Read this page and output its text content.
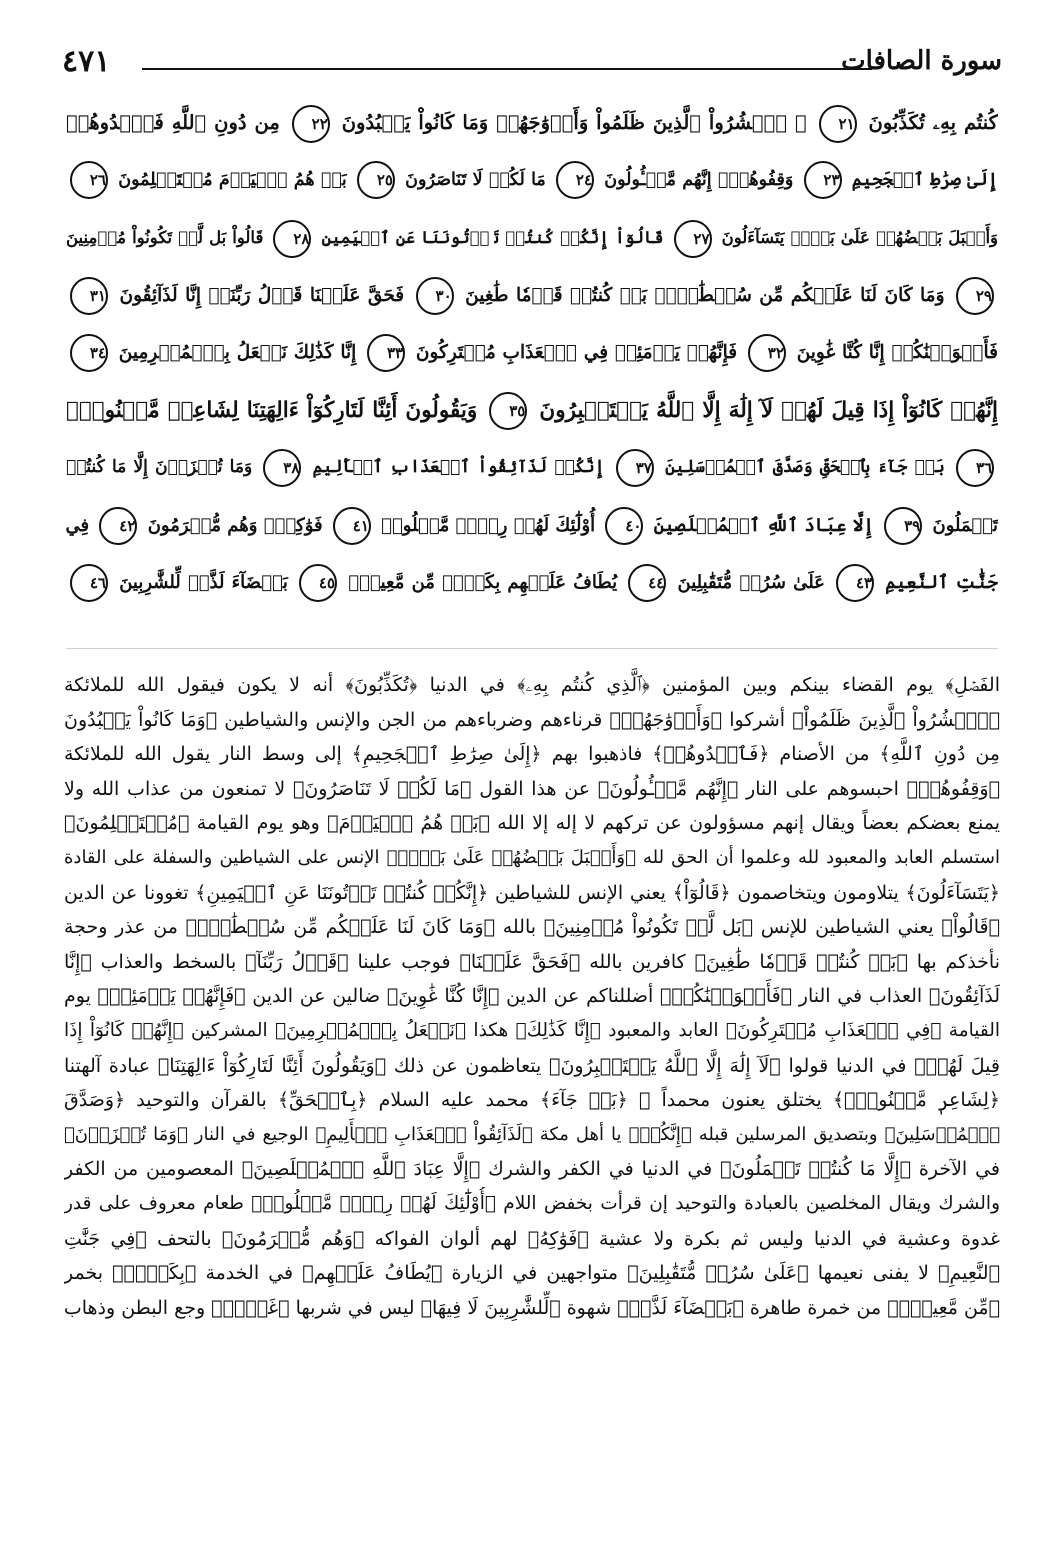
٤٧١	سورة الصافات
كُنتُم بِهِۦ تُكَذِّبُونَ ٢١ ۞ ٱحۡشُرُواْ ٱلَّذِينَ ظَلَمُواْ وَأَزۡوَٰجَهُمۡ وَمَا كَانُواْ يَعۡبُدُونَ ٢٢ مِن دُونِ ٱللَّهِ فَٱهۡدُوهُمۡ
إِلَىٰ صِرَٰطِ ٱلۡجَحِيمِ ٢٣ وَقِفُوهُمۡۖ إِنَّهُم مَّسۡـُٔولُونَ ٢٤ مَا لَكُمۡ لَا تَنَاصَرُونَ ٢٥ بَلۡ هُمُ ٱلۡيَوۡمَ مُسۡتَسۡلِمُونَ ٢٦
وَأَقۡبَلَ بَعۡضُهُمۡ عَلَىٰ بَعۡضٖ يَتَسَآءَلُونَ ٢٧ قَالُوٓاْ إِنَّكُمۡ كُنتُمۡ تَأۡتُونَنَا عَنِ ٱلۡيَمِينِ ٢٨ قَالُواْ بَل لَّمۡ تَكُونُواْ مُؤۡمِنِينَ
٢٩ وَمَا كَانَ لَنَا عَلَيۡكُم مِّن سُلۡطَٰنِۭۖ بَلۡ كُنتُمۡ قَوۡمٗا طَٰغِينَ ٣٠ فَحَقَّ عَلَيۡنَا قَوۡلُ رَبِّنَآۖ إِنَّا لَذَآئِقُونَ ٣١
فَأَغۡوَيۡنَٰكُمۡ إِنَّا كُنَّا غَٰوِينَ ٣٢ فَإِنَّهُمۡ يَوۡمَئِذٖ فِي ٱلۡعَذَابِ مُشۡتَرِكُونَ ٣٣ إِنَّا كَذَٰلِكَ نَفۡعَلُ بِٱلۡمُجۡرِمِينَ ٣٤
إِنَّهُمۡ كَانُوٓاْ إِذَا قِيلَ لَهُمۡ لَآ إِلَٰهَ إِلَّا ٱللَّهُ يَسۡتَكۡبِرُونَ ٣٥ وَيَقُولُونَ أَئِنَّا لَتَارِكُوٓاْ ءَالِهَتِنَا لِشَاعِرٖ مَّجۡنُونِۭ
٣٦ بَلۡ جَآءَ بِٱلۡحَقِّ وَصَدَّقَ ٱلۡمُرۡسَلِينَ ٣٧ إِنَّكُمۡ لَذَآئِقُواْ ٱلۡعَذَابِ ٱلۡأَلِيمِ ٣٨ وَمَا تُجۡزَوۡنَ إِلَّا مَا كُنتُمۡ
تَعۡمَلُونَ ٣٩ إِلَّا عِبَادَ ٱللَّهِ ٱلۡمُخۡلَصِينَ ٤٠ أُوْلَٰٓئِكَ لَهُمۡ رِزۡقٞ مَّعۡلُومٞ ٤١ فَوَٰكِهُۖ وَهُم مُّكۡرَمُونَ ٤٢ فِي
جَنَّٰتِ ٱلنَّعِيمِ ٤٣ عَلَىٰ سُرُرٖ مُّتَقَٰبِلِينَ ٤٤ يُطَافُ عَلَيۡهِم بِكَأۡسٖ مِّن مَّعِينِۭ ٤٥ بَيۡضَآءَ لَذَّةٖ لِّلشَّٰرِبِينَ ٤٦
الفَصۡلِ﴾ يوم القضاء بينكم وبين المؤمنين ﴿ٱلَّذِي كُنتُم بِهِۦ﴾ في الدنيا ﴿تُكَذِّبُونَ﴾ أنه لا يكون فيقول الله للملائكة
﴿ٱحۡشُرُواْ ٱلَّذِينَ ظَلَمُواْ﴾ أشركوا ﴿وَأَزۡوَٰجَهُمۡ﴾ قرناءهم وضرباءهم من الجن والإنس والشياطين ﴿وَمَا كَانُواْ يَعۡبُدُونَ
مِن دُونِ ٱللَّهِ﴾ من الأصنام ﴿فَٱهۡدُوهُمۡ﴾ فاذهبوا بهم ﴿إِلَىٰ صِرَٰطِ ٱلۡجَحِيمِ﴾ إلى وسط النار يقول الله للملائكة
﴿وَقِفُوهُمۡ﴾ احبسوهم على النار ﴿إِنَّهُم مَّسۡـُٔولُونَ﴾ عن هذا القول ﴿مَا لَكُمۡ لَا تَنَاصَرُونَ﴾ لا تمنعون من عذاب الله ولا
يمنع بعضكم بعضاً ويقال إنهم مسؤولون عن تركهم لا إله إلا الله ﴿بَلۡ هُمُ ٱلۡيَوۡمَ﴾ وهو يوم القيامة ﴿مُسۡتَسۡلِمُونَ﴾
استسلم العابد والمعبود لله وعلموا أن الحق لله ﴿وَأَقۡبَلَ بَعۡضُهُمۡ عَلَىٰ بَعۡضٖ﴾ الإنس على الشياطين والسفلة على القادة
﴿يَتَسَآءَلُونَ﴾ يتلاومون ويتخاصمون ﴿قَالُوٓاْ﴾ يعني الإنس للشياطين ﴿إِنَّكُمۡ كُنتُمۡ تَأۡتُونَنَا عَنِ ٱلۡيَمِينِ﴾ تغوونا عن الدين
﴿قَالُواْ﴾ يعني الشياطين للإنس ﴿بَل لَّمۡ تَكُونُواْ مُؤۡمِنِينَ﴾ بالله ﴿وَمَا كَانَ لَنَا عَلَيۡكُم مِّن سُلۡطَٰنِۭ﴾ من عذر وحجة
نأخذكم بها ﴿بَلۡ كُنتُمۡ قَوۡمٗا طَٰغِينَ﴾ كافرين بالله ﴿فَحَقَّ عَلَيۡنَا﴾ فوجب علينا ﴿قَوۡلُ رَبِّنَآ﴾ بالسخط والعذاب ﴿إِنَّا
لَذَآئِقُونَ﴾ العذاب في النار ﴿فَأَغۡوَيۡنَٰكُمۡ﴾ أضللناكم عن الدين ﴿إِنَّا كُنَّا غَٰوِينَ﴾ ضالين عن الدين ﴿فَإِنَّهُمۡ يَوۡمَئِذٖ﴾ يوم
القيامة ﴿فِي ٱلۡعَذَابِ مُشۡتَرِكُونَ﴾ العابد والمعبود ﴿إِنَّا كَذَٰلِكَ﴾ هكذا ﴿نَفۡعَلُ بِٱلۡمُجۡرِمِينَ﴾ المشركين ﴿إِنَّهُمۡ كَانُوٓاْ إِذَا
قِيلَ لَهُمۡ﴾ في الدنيا قولوا ﴿لَآ إِلَٰهَ إِلَّا ٱللَّهُ يَسۡتَكۡبِرُونَ﴾ يتعاظمون عن ذلك ﴿وَيَقُولُونَ أَئِنَّا لَتَارِكُوٓاْ ءَالِهَتِنَا﴾ عبادة آلهتنا
﴿لِشَاعِرٖ مَّجۡنُونِۭ﴾ يختلق يعنون محمداً ﷺ ﴿بَلۡ جَآءَ﴾ محمد عليه السلام ﴿بِٱلۡحَقِّ﴾ بالقرآن والتوحيد ﴿وَصَدَّقَ
ٱلۡمُرۡسَلِينَ﴾ وبتصديق المرسلين قبله ﴿إِنَّكُمۡ﴾ يا أهل مكة ﴿لَذَآئِقُواْ ٱلۡعَذَابِ ٱلۡأَلِيمِ﴾ الوجيع في النار ﴿وَمَا تُجۡزَوۡنَ﴾
في الآخرة ﴿إِلَّا مَا كُنتُمۡ تَعۡمَلُونَ﴾ في الدنيا في الكفر والشرك ﴿إِلَّا عِبَادَ ٱللَّهِ ٱلۡمُخۡلَصِينَ﴾ المعصومين من الكفر
والشرك ويقال المخلصين بالعبادة والتوحيد إن قرأت بخفض اللام ﴿أُوْلَٰٓئِكَ لَهُمۡ رِزۡقٞ مَّعۡلُومٞ﴾ طعام معروف على قدر
غدوة وعشية في الدنيا وليس ثم بكرة ولا عشية ﴿فَوَٰكِهُ﴾ لهم ألوان الفواكه ﴿وَهُم مُّكۡرَمُونَ﴾ بالتحف ﴿فِي جَنَّٰتِ
ٱلنَّعِيمِ﴾ لا يفنى نعيمها ﴿عَلَىٰ سُرُرٖ مُّتَقَٰبِلِينَ﴾ متواجهين في الزيارة ﴿يُطَافُ عَلَيۡهِم﴾ في الخدمة ﴿بِكَأۡسٖ﴾ بخمر
﴿مِّن مَّعِينِۭ﴾ من خمرة طاهرة ﴿بَيۡضَآءَ لَذَّةٖ﴾ شهوة ﴿لِّلشَّٰرِبِينَ لَا فِيهَا﴾ ليس في شربها ﴿غَوۡلٞ﴾ وجع البطن وذهاب
